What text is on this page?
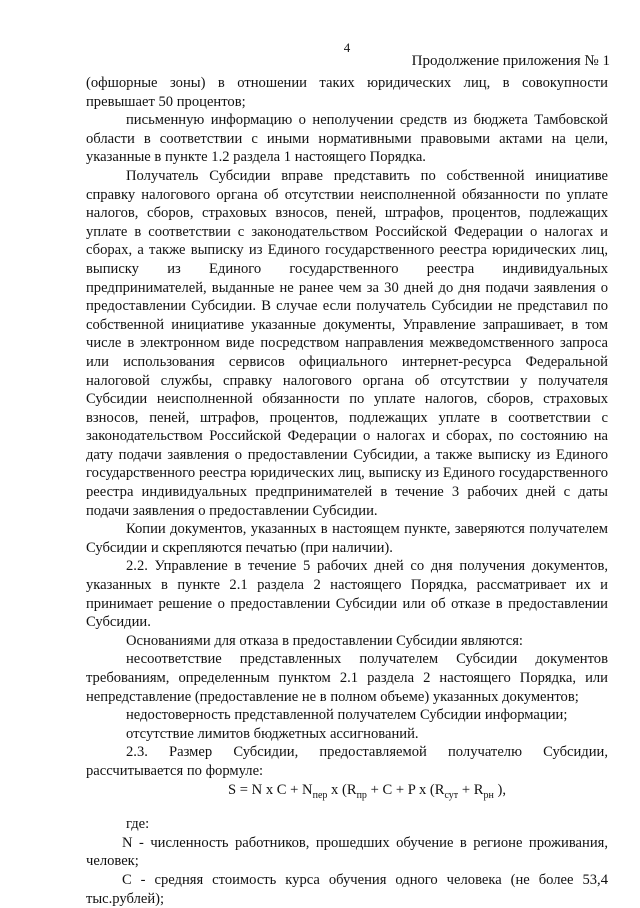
4
Продолжение приложения № 1

(офшорные зоны) в отношении таких юридических лиц, в совокупности превышает 50 процентов;

письменную информацию о неполучении средств из бюджета Тамбовской области в соответствии с иными нормативными правовыми актами на цели, указанные в пункте 1.2 раздела 1 настоящего Порядка.

Получатель Субсидии вправе представить по собственной инициативе справку налогового органа об отсутствии неисполненной обязанности по уплате налогов, сборов, страховых взносов, пеней, штрафов, процентов, подлежащих уплате в соответствии с законодательством Российской Федерации о налогах и сборах, а также выписку из Единого государственного реестра юридических лиц, выписку из Единого государственного реестра индивидуальных предпринимателей, выданные не ранее чем за 30 дней до дня подачи заявления о предоставлении Субсидии. В случае если получатель Субсидии не представил по собственной инициативе указанные документы, Управление запрашивает, в том числе в электронном виде посредством направления межведомственного запроса или использования сервисов официального интернет-ресурса Федеральной налоговой службы, справку налогового органа об отсутствии у получателя Субсидии неисполненной обязанности по уплате налогов, сборов, страховых взносов, пеней, штрафов, процентов, подлежащих уплате в соответствии с законодательством Российской Федерации о налогах и сборах, по состоянию на дату подачи заявления о предоставлении Субсидии, а также выписку из Единого государственного реестра юридических лиц, выписку из Единого государственного реестра индивидуальных предпринимателей в течение 3 рабочих дней с даты подачи заявления о предоставлении Субсидии.

Копии документов, указанных в настоящем пункте, заверяются получателем Субсидии и скрепляются печатью (при наличии).

2.2. Управление в течение 5 рабочих дней со дня получения документов, указанных в пункте 2.1 раздела 2 настоящего Порядка, рассматривает их и принимает решение о предоставлении Субсидии или об отказе в предоставлении Субсидии.

Основаниями для отказа в предоставлении Субсидии являются:

несоответствие представленных получателем Субсидии документов требованиям, определенным пунктом 2.1 раздела 2 настоящего Порядка, или непредставление (предоставление не в полном объеме) указанных документов;

недостоверность представленной получателем Субсидии информации;

отсутствие лимитов бюджетных ассигнований.

2.3. Размер Субсидии, предоставляемой получателю Субсидии, рассчитывается по формуле:

S = N x $C + N_{пер}$ x ($R_{пр} + C + P$ x ($R_{сут} + R_{рн}$ ),

где:

N - численность работников, прошедших обучение в регионе проживания, человек;

C - средняя стоимость курса обучения одного человека (не более 53,4 тыс.рублей);
